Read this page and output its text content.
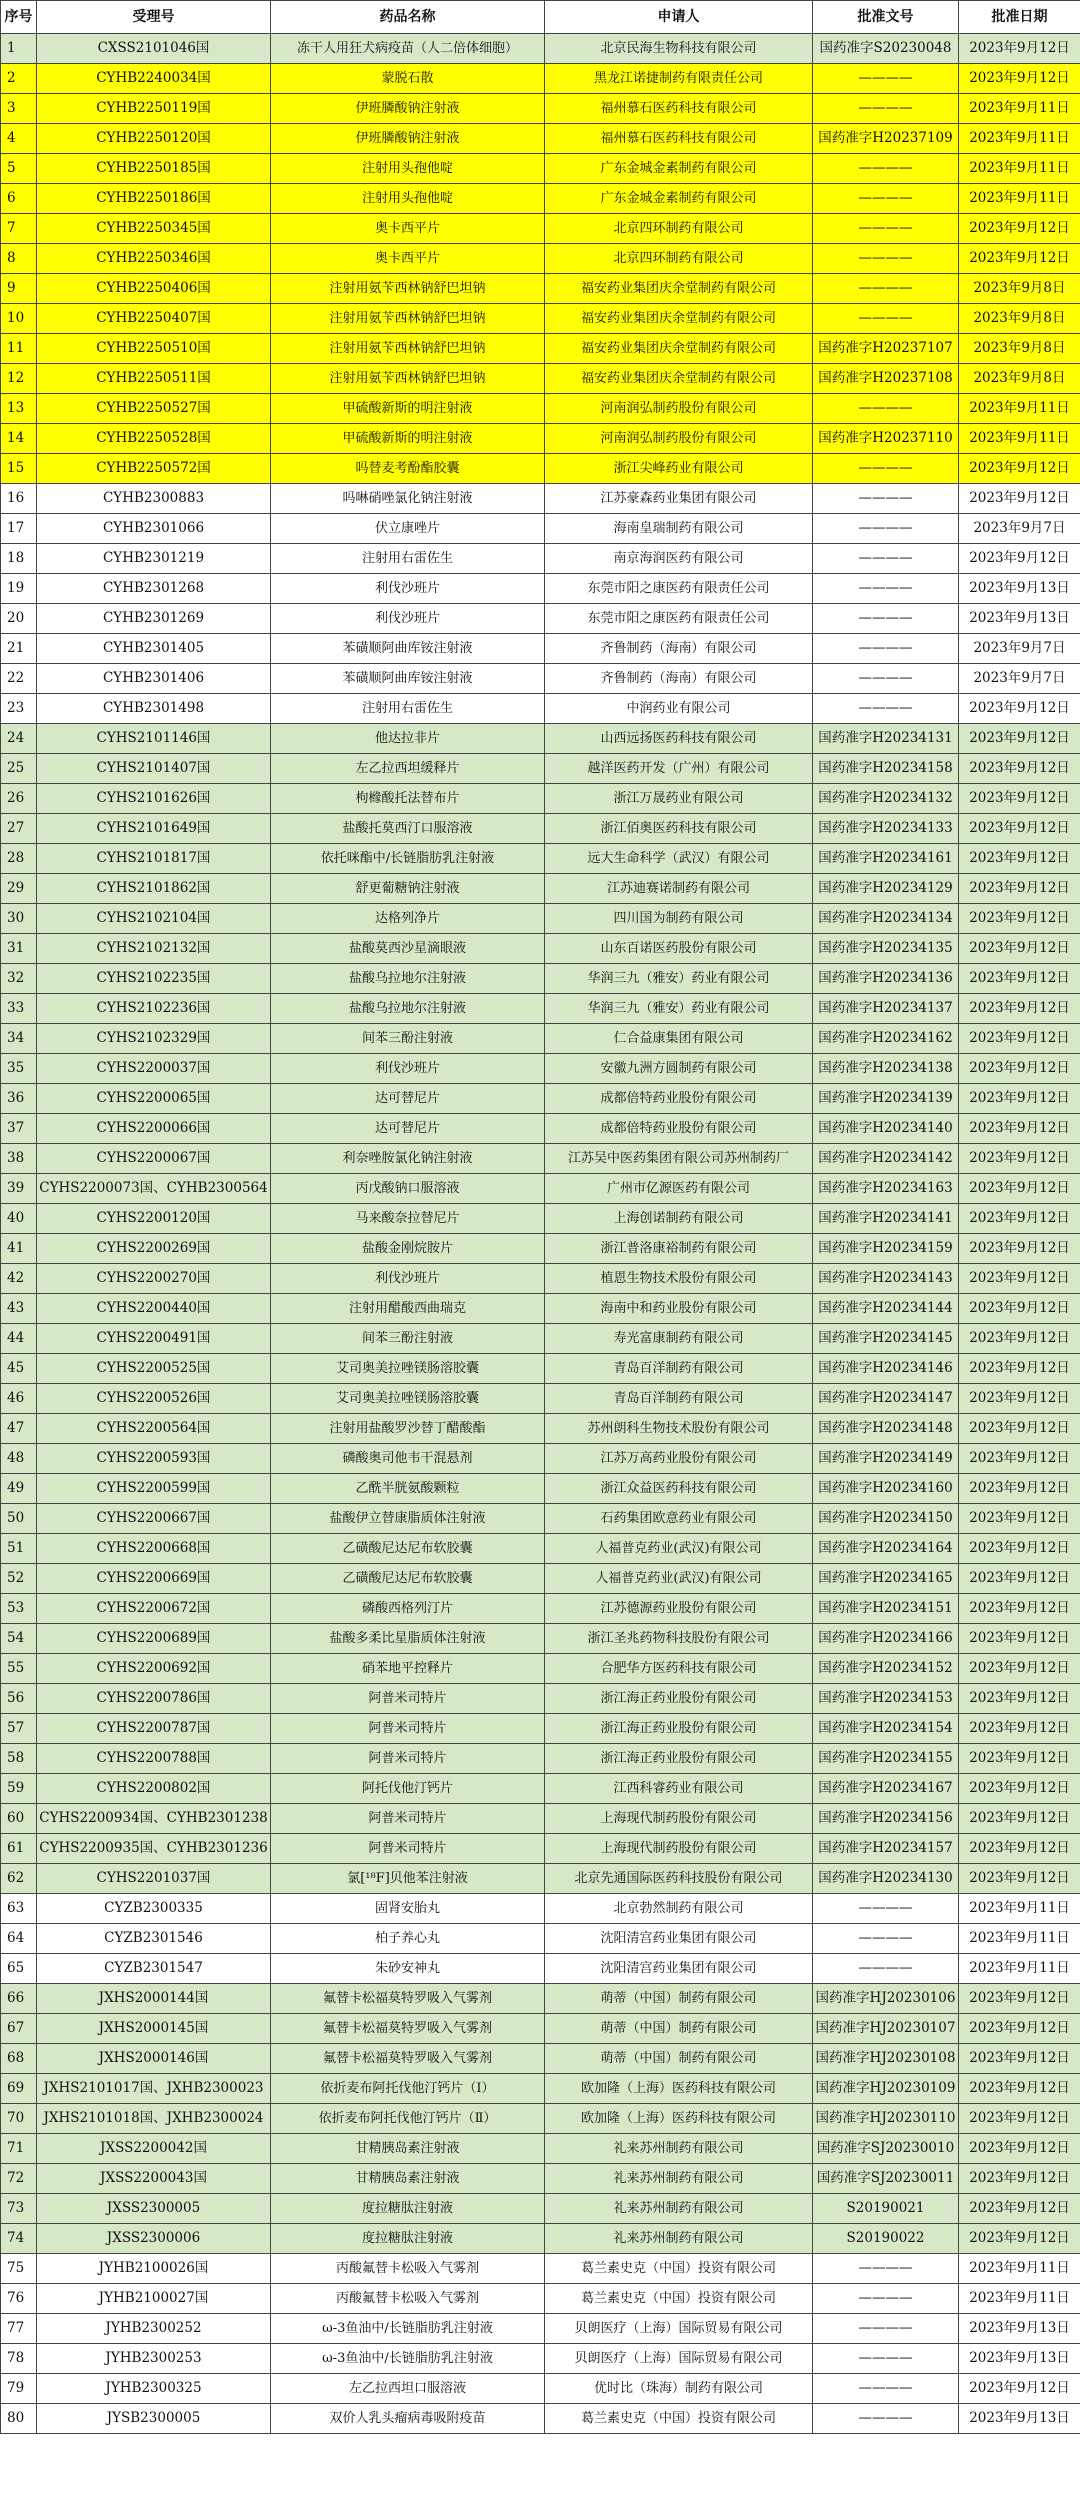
序号	受理号	药品名称	申请人	批准文号	批准日期
1	CXSS2101046国	冻干人用狂犬病疫苗（人二倍体细胞）	北京民海生物科技有限公司	国药准字S20230048	2023年9月12日
2	CYHB2240034国	蒙脱石散	黑龙江诺捷制药有限责任公司	————	2023年9月12日
3	CYHB2250119国	伊班膦酸钠注射液	福州慕石医药科技有限公司	————	2023年9月11日
4	CYHB2250120国	伊班膦酸钠注射液	福州慕石医药科技有限公司	国药准字H20237109	2023年9月11日
5	CYHB2250185国	注射用头孢他啶	广东金城金素制药有限公司	————	2023年9月11日
6	CYHB2250186国	注射用头孢他啶	广东金城金素制药有限公司	————	2023年9月11日
7	CYHB2250345国	奥卡西平片	北京四环制药有限公司	————	2023年9月12日
8	CYHB2250346国	奥卡西平片	北京四环制药有限公司	————	2023年9月12日
9	CYHB2250406国	注射用氨苄西林钠舒巴坦钠	福安药业集团庆余堂制药有限公司	————	2023年9月8日
10	CYHB2250407国	注射用氨苄西林钠舒巴坦钠	福安药业集团庆余堂制药有限公司	————	2023年9月8日
11	CYHB2250510国	注射用氨苄西林钠舒巴坦钠	福安药业集团庆余堂制药有限公司	国药准字H20237107	2023年9月8日
12	CYHB2250511国	注射用氨苄西林钠舒巴坦钠	福安药业集团庆余堂制药有限公司	国药准字H20237108	2023年9月8日
13	CYHB2250527国	甲硫酸新斯的明注射液	河南润弘制药股份有限公司	————	2023年9月11日
14	CYHB2250528国	甲硫酸新斯的明注射液	河南润弘制药股份有限公司	国药准字H20237110	2023年9月11日
15	CYHB2250572国	吗替麦考酚酯胶囊	浙江尖峰药业有限公司	————	2023年9月12日
16	CYHB2300883	吗啉硝唑氯化钠注射液	江苏豪森药业集团有限公司	————	2023年9月12日
17	CYHB2301066	伏立康唑片	海南皇瑞制药有限公司	————	2023年9月7日
18	CYHB2301219	注射用右雷佐生	南京海润医药有限公司	————	2023年9月12日
19	CYHB2301268	利伐沙班片	东莞市阳之康医药有限责任公司	————	2023年9月13日
20	CYHB2301269	利伐沙班片	东莞市阳之康医药有限责任公司	————	2023年9月13日
21	CYHB2301405	苯磺顺阿曲库铵注射液	齐鲁制药（海南）有限公司	————	2023年9月7日
22	CYHB2301406	苯磺顺阿曲库铵注射液	齐鲁制药（海南）有限公司	————	2023年9月7日
23	CYHB2301498	注射用右雷佐生	中润药业有限公司	————	2023年9月12日
24	CYHS2101146国	他达拉非片	山西远扬医药科技有限公司	国药准字H20234131	2023年9月12日
25	CYHS2101407国	左乙拉西坦缓释片	越洋医药开发（广州）有限公司	国药准字H20234158	2023年9月12日
26	CYHS2101626国	枸橼酸托法替布片	浙江万晟药业有限公司	国药准字H20234132	2023年9月12日
27	CYHS2101649国	盐酸托莫西汀口服溶液	浙江佰奥医药科技有限公司	国药准字H20234133	2023年9月12日
28	CYHS2101817国	依托咪酯中/长链脂肪乳注射液	远大生命科学（武汉）有限公司	国药准字H20234161	2023年9月12日
29	CYHS2101862国	舒更葡糖钠注射液	江苏迪赛诺制药有限公司	国药准字H20234129	2023年9月12日
30	CYHS2102104国	达格列净片	四川国为制药有限公司	国药准字H20234134	2023年9月12日
31	CYHS2102132国	盐酸莫西沙星滴眼液	山东百诺医药股份有限公司	国药准字H20234135	2023年9月12日
32	CYHS2102235国	盐酸乌拉地尔注射液	华润三九（雅安）药业有限公司	国药准字H20234136	2023年9月12日
33	CYHS2102236国	盐酸乌拉地尔注射液	华润三九（雅安）药业有限公司	国药准字H20234137	2023年9月12日
34	CYHS2102329国	间苯三酚注射液	仁合益康集团有限公司	国药准字H20234162	2023年9月12日
35	CYHS2200037国	利伐沙班片	安徽九洲方圆制药有限公司	国药准字H20234138	2023年9月12日
36	CYHS2200065国	达可替尼片	成都倍特药业股份有限公司	国药准字H20234139	2023年9月12日
37	CYHS2200066国	达可替尼片	成都倍特药业股份有限公司	国药准字H20234140	2023年9月12日
38	CYHS2200067国	利奈唑胺氯化钠注射液	江苏吴中医药集团有限公司苏州制药厂	国药准字H20234142	2023年9月12日
39	CYHS2200073国、CYHB2300564	丙戊酸钠口服溶液	广州市亿源医药有限公司	国药准字H20234163	2023年9月12日
40	CYHS2200120国	马来酸奈拉替尼片	上海创诺制药有限公司	国药准字H20234141	2023年9月12日
41	CYHS2200269国	盐酸金刚烷胺片	浙江普洛康裕制药有限公司	国药准字H20234159	2023年9月12日
42	CYHS2200270国	利伐沙班片	植恩生物技术股份有限公司	国药准字H20234143	2023年9月12日
43	CYHS2200440国	注射用醋酸西曲瑞克	海南中和药业股份有限公司	国药准字H20234144	2023年9月12日
44	CYHS2200491国	间苯三酚注射液	寿光富康制药有限公司	国药准字H20234145	2023年9月12日
45	CYHS2200525国	艾司奥美拉唑镁肠溶胶囊	青岛百洋制药有限公司	国药准字H20234146	2023年9月12日
46	CYHS2200526国	艾司奥美拉唑镁肠溶胶囊	青岛百洋制药有限公司	国药准字H20234147	2023年9月12日
47	CYHS2200564国	注射用盐酸罗沙替丁醋酸酯	苏州朗科生物技术股份有限公司	国药准字H20234148	2023年9月12日
48	CYHS2200593国	磷酸奥司他韦干混悬剂	江苏万高药业股份有限公司	国药准字H20234149	2023年9月12日
49	CYHS2200599国	乙酰半胱氨酸颗粒	浙江众益医药科技有限公司	国药准字H20234160	2023年9月12日
50	CYHS2200667国	盐酸伊立替康脂质体注射液	石药集团欧意药业有限公司	国药准字H20234150	2023年9月12日
51	CYHS2200668国	乙磺酸尼达尼布软胶囊	人福普克药业(武汉)有限公司	国药准字H20234164	2023年9月12日
52	CYHS2200669国	乙磺酸尼达尼布软胶囊	人福普克药业(武汉)有限公司	国药准字H20234165	2023年9月12日
53	CYHS2200672国	磷酸西格列汀片	江苏德源药业股份有限公司	国药准字H20234151	2023年9月12日
54	CYHS2200689国	盐酸多柔比星脂质体注射液	浙江圣兆药物科技股份有限公司	国药准字H20234166	2023年9月12日
55	CYHS2200692国	硝苯地平控释片	合肥华方医药科技有限公司	国药准字H20234152	2023年9月12日
56	CYHS2200786国	阿普米司特片	浙江海正药业股份有限公司	国药准字H20234153	2023年9月12日
57	CYHS2200787国	阿普米司特片	浙江海正药业股份有限公司	国药准字H20234154	2023年9月12日
58	CYHS2200788国	阿普米司特片	浙江海正药业股份有限公司	国药准字H20234155	2023年9月12日
59	CYHS2200802国	阿托伐他汀钙片	江西科睿药业有限公司	国药准字H20234167	2023年9月12日
60	CYHS2200934国、CYHB2301238	阿普米司特片	上海现代制药股份有限公司	国药准字H20234156	2023年9月12日
61	CYHS2200935国、CYHB2301236	阿普米司特片	上海现代制药股份有限公司	国药准字H20234157	2023年9月12日
62	CYHS2201037国	氯[¹⁸F]贝他苯注射液	北京先通国际医药科技股份有限公司	国药准字H20234130	2023年9月12日
63	CYZB2300335	固肾安胎丸	北京勃然制药有限公司	————	2023年9月11日
64	CYZB2301546	柏子养心丸	沈阳清宫药业集团有限公司	————	2023年9月11日
65	CYZB2301547	朱砂安神丸	沈阳清宫药业集团有限公司	————	2023年9月11日
66	JXHS2000144国	氟替卡松福莫特罗吸入气雾剂	萌蒂（中国）制药有限公司	国药准字HJ20230106	2023年9月12日
67	JXHS2000145国	氟替卡松福莫特罗吸入气雾剂	萌蒂（中国）制药有限公司	国药准字HJ20230107	2023年9月12日
68	JXHS2000146国	氟替卡松福莫特罗吸入气雾剂	萌蒂（中国）制药有限公司	国药准字HJ20230108	2023年9月12日
69	JXHS2101017国、JXHB2300023	依折麦布阿托伐他汀钙片（Ⅰ）	欧加隆（上海）医药科技有限公司	国药准字HJ20230109	2023年9月12日
70	JXHS2101018国、JXHB2300024	依折麦布阿托伐他汀钙片（Ⅱ）	欧加隆（上海）医药科技有限公司	国药准字HJ20230110	2023年9月12日
71	JXSS2200042国	甘精胰岛素注射液	礼来苏州制药有限公司	国药准字SJ20230010	2023年9月12日
72	JXSS2200043国	甘精胰岛素注射液	礼来苏州制药有限公司	国药准字SJ20230011	2023年9月12日
73	JXSS2300005	度拉糖肽注射液	礼来苏州制药有限公司	S20190021	2023年9月12日
74	JXSS2300006	度拉糖肽注射液	礼来苏州制药有限公司	S20190022	2023年9月12日
75	JYHB2100026国	丙酸氟替卡松吸入气雾剂	葛兰素史克（中国）投资有限公司	————	2023年9月11日
76	JYHB2100027国	丙酸氟替卡松吸入气雾剂	葛兰素史克（中国）投资有限公司	————	2023年9月11日
77	JYHB2300252	ω-3鱼油中/长链脂肪乳注射液	贝朗医疗（上海）国际贸易有限公司	————	2023年9月13日
78	JYHB2300253	ω-3鱼油中/长链脂肪乳注射液	贝朗医疗（上海）国际贸易有限公司	————	2023年9月13日
79	JYHB2300325	左乙拉西坦口服溶液	优时比（珠海）制药有限公司	————	2023年9月12日
80	JYSB2300005	双价人乳头瘤病毒吸附疫苗	葛兰素史克（中国）投资有限公司	————	2023年9月13日
